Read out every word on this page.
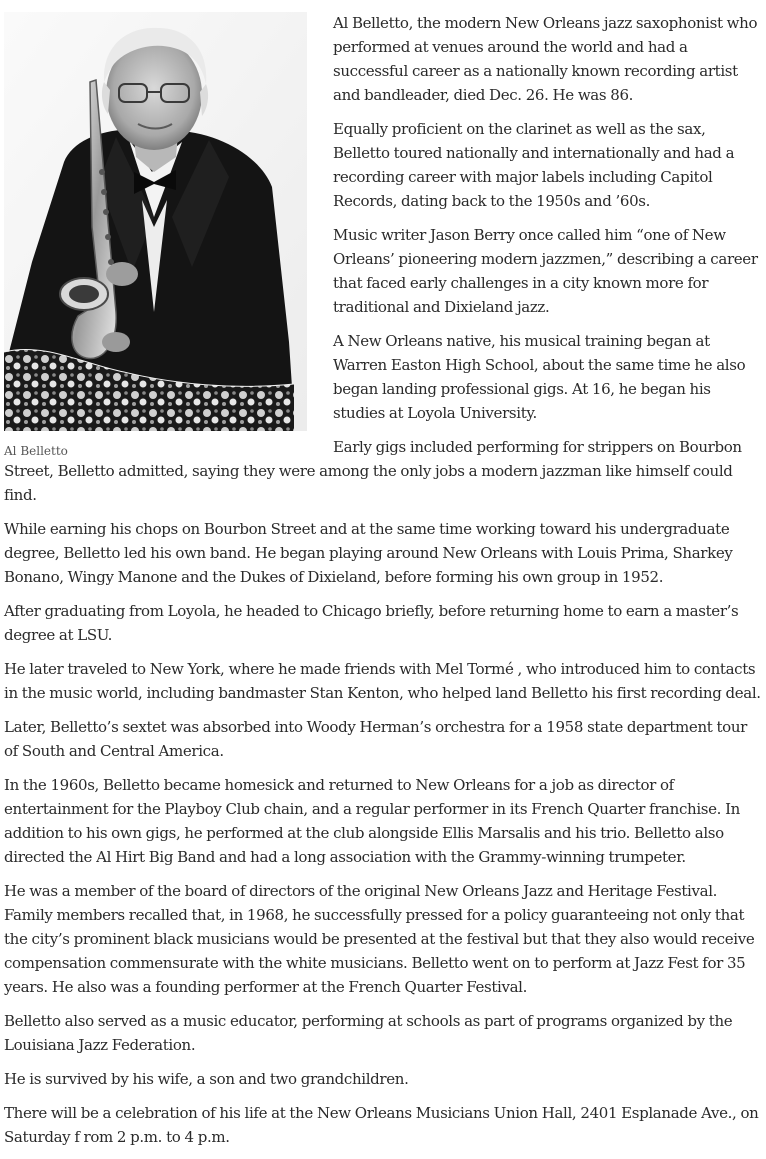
Al Belletto

Al Belletto, the modern New Orleans jazz saxophonist who performed at venues around the world and had a successful career as a nationally known recording artist and bandleader, died Dec. 26. He was 86.

Equally proficient on the clarinet as well as the sax, Belletto toured nationally and internationally and had a recording career with major labels including Capitol Records, dating back to the 1950s and ’60s.

Music writer Jason Berry once called him “one of New Orleans’ pioneering modern jazzmen,” describing a career that faced early challenges in a city known more for traditional and Dixieland jazz.

A New Orleans native, his musical training began at Warren Easton High School, about the same time he also began landing professional gigs. At 16, he began his studies at Loyola University.

Early gigs included performing for strippers on Bourbon Street, Belletto admitted, saying they were among the only jobs a modern jazzman like himself could find.

While earning his chops on Bourbon Street and at the same time working toward his undergraduate degree, Belletto led his own band. He began playing around New Orleans with Louis Prima, Sharkey Bonano, Wingy Manone and the Dukes of Dixieland, before forming his own group in 1952.

After graduating from Loyola, he headed to Chicago briefly, before returning home to earn a master’s degree at LSU.

He later traveled to New York, where he made friends with Mel Tormé , who introduced him to contacts in the music world, including bandmaster Stan Kenton, who helped land Belletto his first recording deal.

Later, Belletto’s sextet was absorbed into Woody Herman’s orchestra for a 1958 state department tour of South and Central America.

In the 1960s, Belletto became homesick and returned to New Orleans for a job as director of entertainment for the Playboy Club chain, and a regular performer in its French Quarter franchise. In addition to his own gigs, he performed at the club alongside Ellis Marsalis and his trio. Belletto also directed the Al Hirt Big Band and had a long association with the Grammy-winning trumpeter.

He was a member of the board of directors of the original New Orleans Jazz and Heritage Festival. Family members recalled that, in 1968, he successfully pressed for a policy guaranteeing not only that the city’s prominent black musicians would be presented at the festival but that they also would receive compensation commensurate with the white musicians. Belletto went on to perform at Jazz Fest for 35 years. He also was a founding performer at the French Quarter Festival.

Belletto also served as a music educator, performing at schools as part of programs organized by the Louisiana Jazz Federation.

He is survived by his wife, a son and two grandchildren.

There will be a celebration of his life at the New Orleans Musicians Union Hall, 2401 Esplanade Ave., on Saturday f rom 2 p.m. to 4 p.m.
